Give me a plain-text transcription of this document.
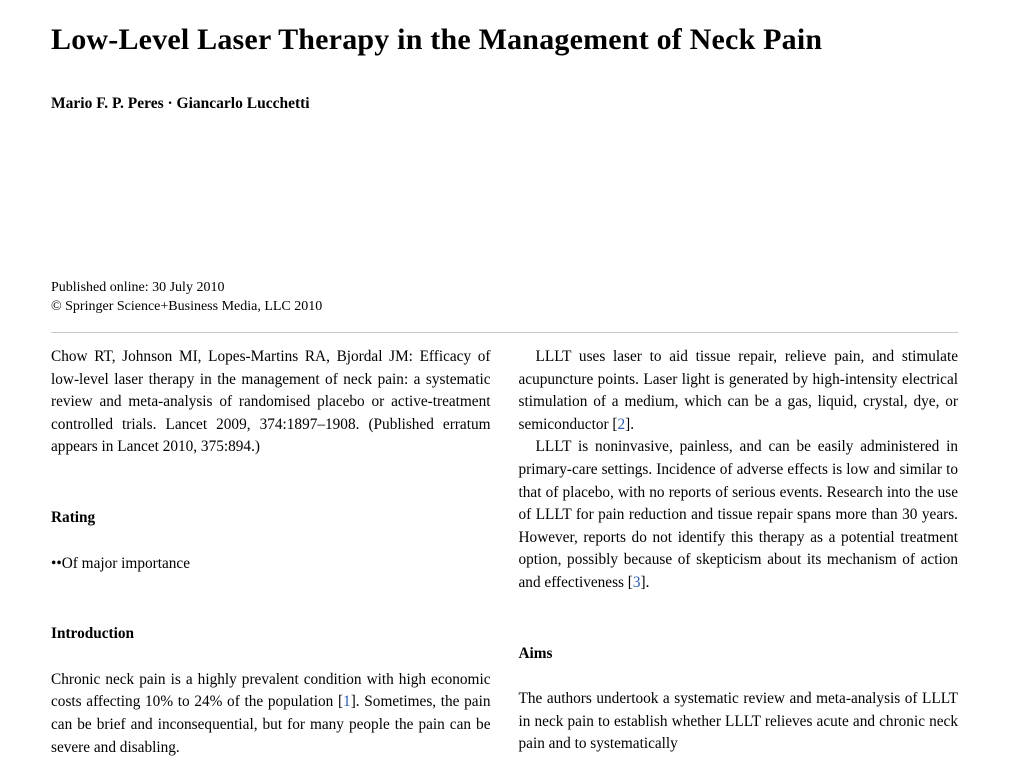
Low-Level Laser Therapy in the Management of Neck Pain
Mario F. P. Peres · Giancarlo Lucchetti
Published online: 30 July 2010
© Springer Science+Business Media, LLC 2010

Chow RT, Johnson MI, Lopes-Martins RA, Bjordal JM: Efficacy of low-level laser therapy in the management of neck pain: a systematic review and meta-analysis of randomised placebo or active-treatment controlled trials. Lancet 2009, 374:1897–1908. (Published erratum appears in Lancet 2010, 375:894.)

Rating

••Of major importance

Introduction

Chronic neck pain is a highly prevalent condition with high economic costs affecting 10% to 24% of the population [1]. Sometimes, the pain can be brief and inconsequential, but for many people the pain can be severe and disabling.

LLLT uses laser to aid tissue repair, relieve pain, and stimulate acupuncture points. Laser light is generated by high-intensity electrical stimulation of a medium, which can be a gas, liquid, crystal, dye, or semiconductor [2].

LLLT is noninvasive, painless, and can be easily administered in primary-care settings. Incidence of adverse effects is low and similar to that of placebo, with no reports of serious events. Research into the use of LLLT for pain reduction and tissue repair spans more than 30 years. However, reports do not identify this therapy as a potential treatment option, possibly because of skepticism about its mechanism of action and effectiveness [3].

Aims

The authors undertook a systematic review and meta-analysis of LLLT in neck pain to establish whether LLLT relieves acute and chronic neck pain and to systematically
